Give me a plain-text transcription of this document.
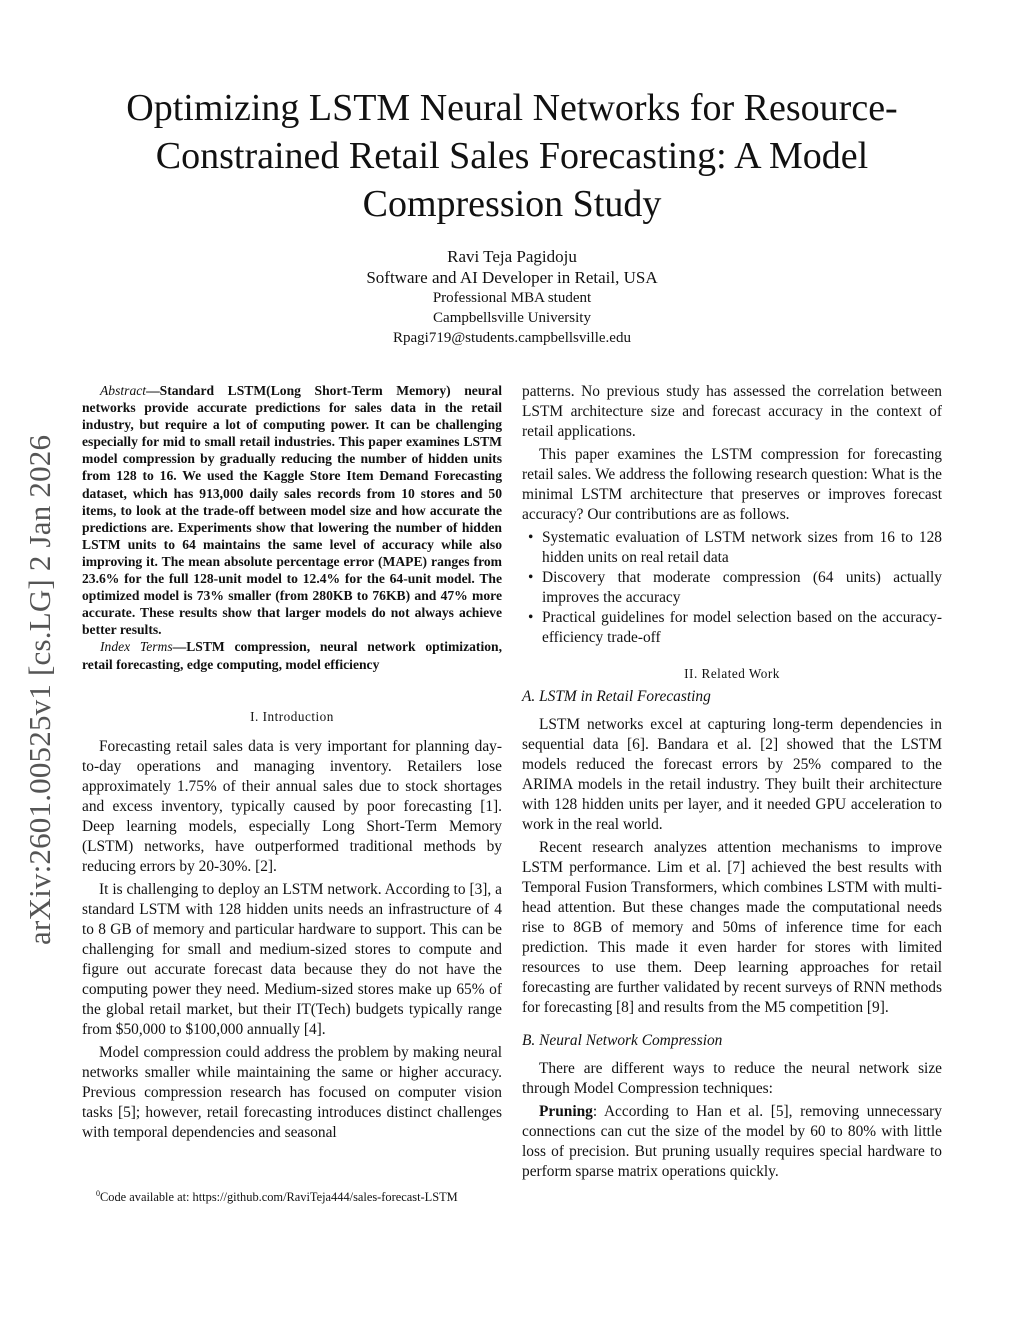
Optimizing LSTM Neural Networks for Resource-Constrained Retail Sales Forecasting: A Model Compression Study
Ravi Teja Pagidoju
Software and AI Developer in Retail, USA
Professional MBA student
Campbellsville University
Rpagi719@students.campbellsville.edu
arXiv:2601.00525v1 [cs.LG] 2 Jan 2026

Abstract—Standard LSTM(Long Short-Term Memory) neural networks provide accurate predictions for sales data in the retail industry, but require a lot of computing power. It can be challenging especially for mid to small retail industries. This paper examines LSTM model compression by gradually reducing the number of hidden units from 128 to 16. We used the Kaggle Store Item Demand Forecasting dataset, which has 913,000 daily sales records from 10 stores and 50 items, to look at the trade-off between model size and how accurate the predictions are. Experiments show that lowering the number of hidden LSTM units to 64 maintains the same level of accuracy while also improving it. The mean absolute percentage error (MAPE) ranges from 23.6% for the full 128-unit model to 12.4% for the 64-unit model. The optimized model is 73% smaller (from 280KB to 76KB) and 47% more accurate. These results show that larger models do not always achieve better results.

Index Terms—LSTM compression, neural network optimization, retail forecasting, edge computing, model efficiency

I. Introduction

Forecasting retail sales data is very important for planning day-to-day operations and managing inventory. Retailers lose approximately 1.75% of their annual sales due to stock shortages and excess inventory, typically caused by poor forecasting [1]. Deep learning models, especially Long Short-Term Memory (LSTM) networks, have outperformed traditional methods by reducing errors by 20-30%. [2].

It is challenging to deploy an LSTM network. According to [3], a standard LSTM with 128 hidden units needs an infrastructure of 4 to 8 GB of memory and particular hardware to support. This can be challenging for small and medium-sized stores to compute and figure out accurate forecast data because they do not have the computing power they need. Medium-sized stores make up 65% of the global retail market, but their IT(Tech) budgets typically range from $50,000 to $100,000 annually [4].

Model compression could address the problem by making neural networks smaller while maintaining the same or higher accuracy. Previous compression research has focused on computer vision tasks [5]; however, retail forecasting introduces distinct challenges with temporal dependencies and seasonal

patterns. No previous study has assessed the correlation between LSTM architecture size and forecast accuracy in the context of retail applications.

This paper examines the LSTM compression for forecasting retail sales. We address the following research question: What is the minimal LSTM architecture that preserves or improves forecast accuracy? Our contributions are as follows.

• Systematic evaluation of LSTM network sizes from 16 to 128 hidden units on real retail data
• Discovery that moderate compression (64 units) actually improves the accuracy
• Practical guidelines for model selection based on the accuracy-efficiency trade-off
II. Related Work
A. LSTM in Retail Forecasting

LSTM networks excel at capturing long-term dependencies in sequential data [6]. Bandara et al. [2] showed that the LSTM models reduced the forecast errors by 25% compared to the ARIMA models in the retail industry. They built their architecture with 128 hidden units per layer, and it needed GPU acceleration to work in the real world.

Recent research analyzes attention mechanisms to improve LSTM performance. Lim et al. [7] achieved the best results with Temporal Fusion Transformers, which combines LSTM with multi-head attention. But these changes made the computational needs rise to 8GB of memory and 50ms of inference time for each prediction. This made it even harder for stores with limited resources to use them. Deep learning approaches for retail forecasting are further validated by recent surveys of RNN methods for forecasting [8] and results from the M5 competition [9].

B. Neural Network Compression

There are different ways to reduce the neural network size through Model Compression techniques:

Pruning: According to Han et al. [5], removing unnecessary connections can cut the size of the model by 60 to 80% with little loss of precision. But pruning usually requires special hardware to perform sparse matrix operations quickly.

$^0$Code available at: https://github.com/RaviTeja444/sales-forecast-LSTM
